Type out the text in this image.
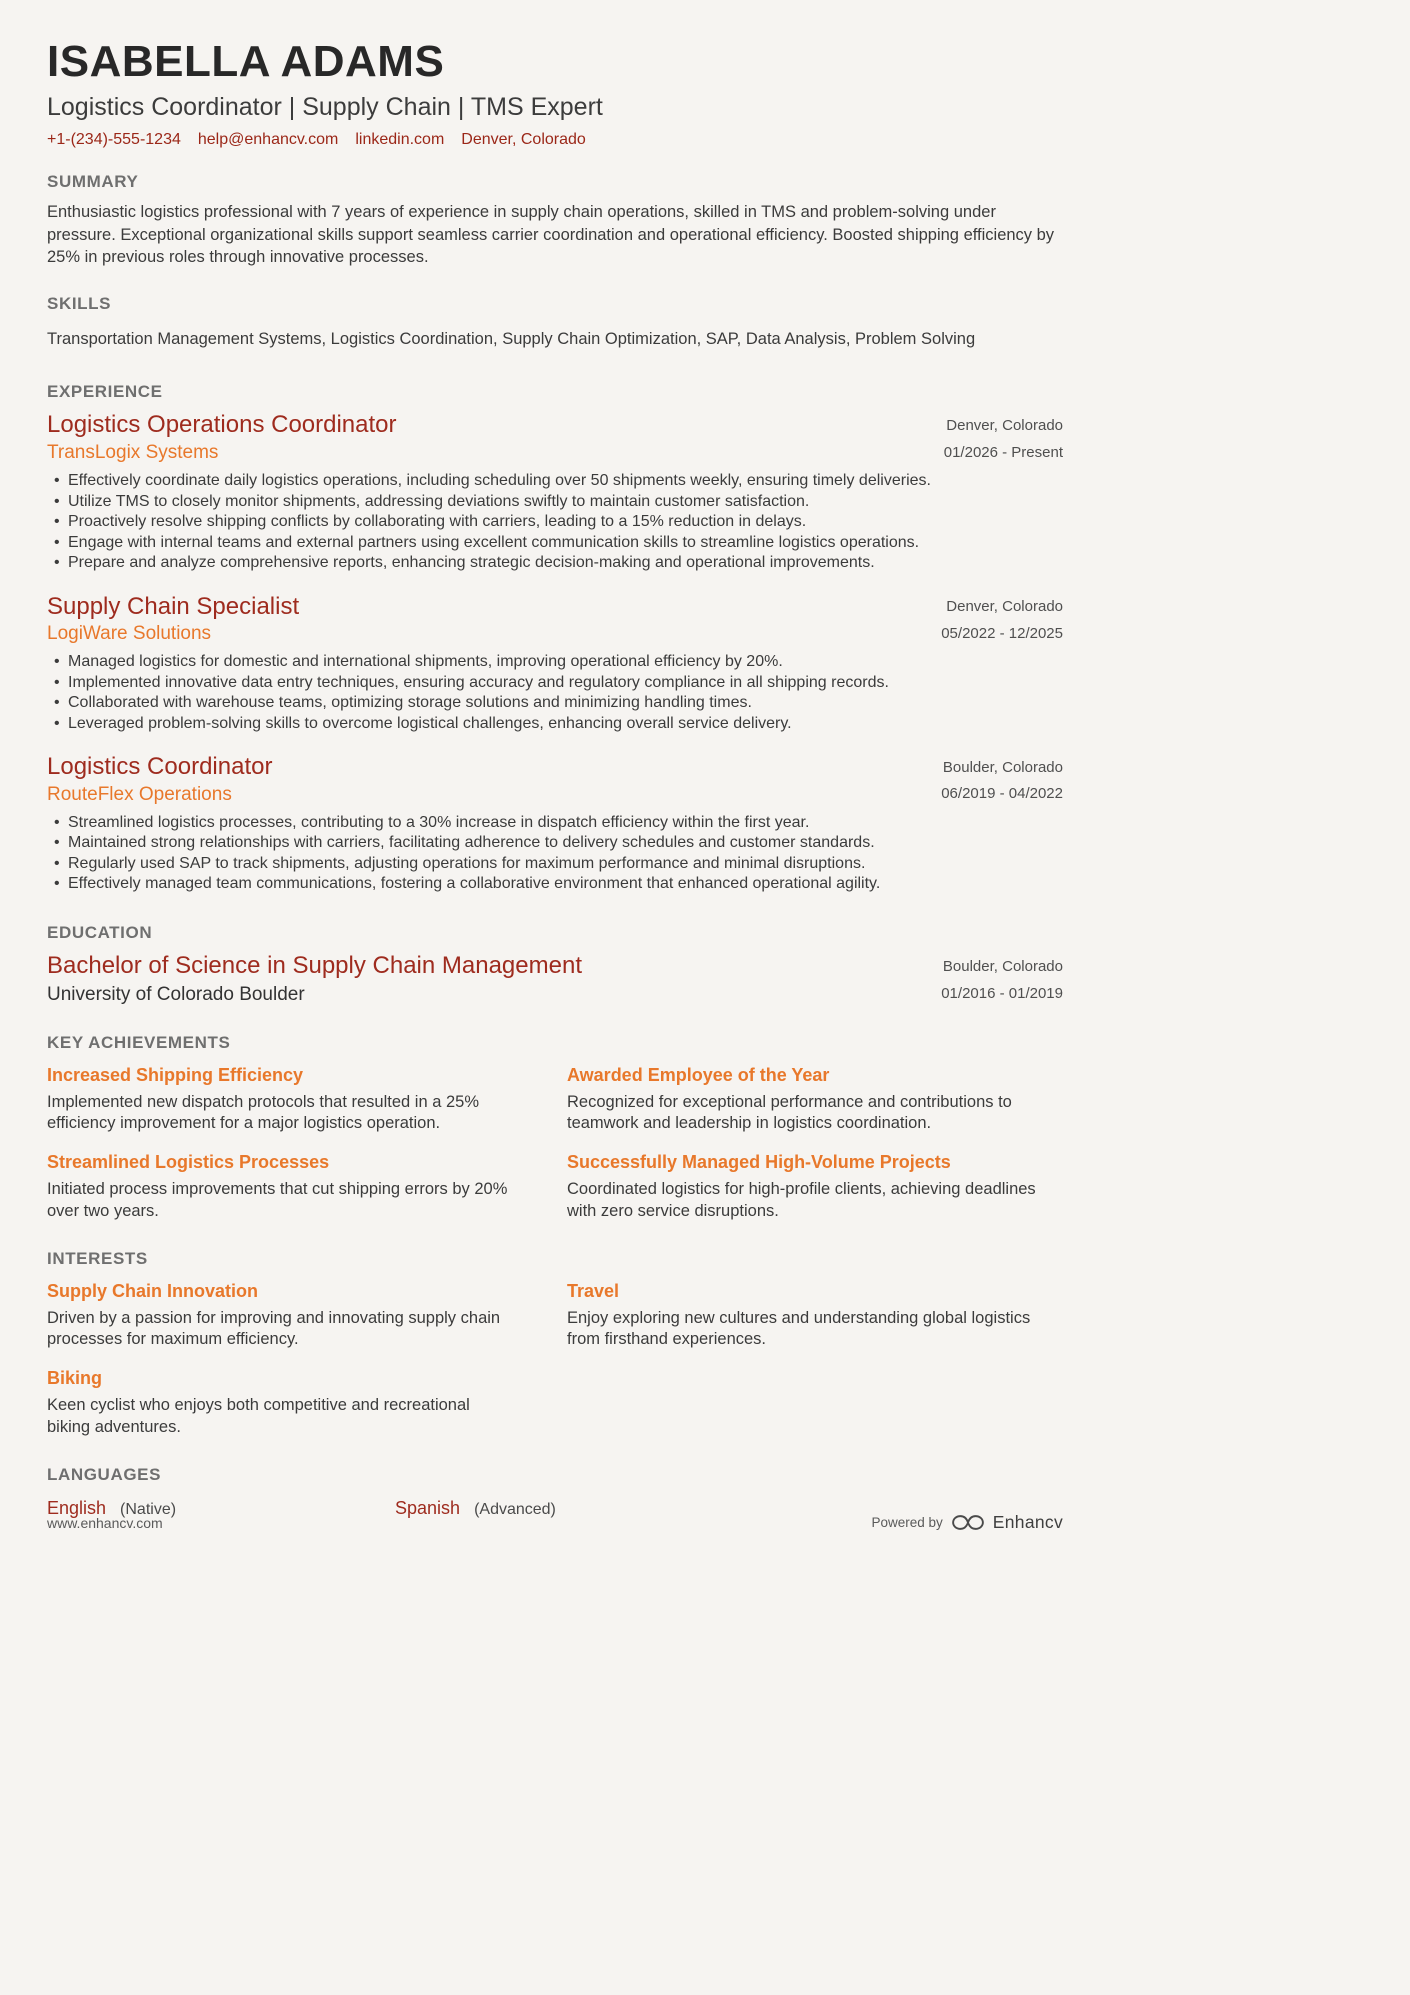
ISABELLA ADAMS
Logistics Coordinator | Supply Chain | TMS Expert
+1-(234)-555-1234 help@enhancv.com linkedin.com Denver, Colorado
SUMMARY

Enthusiastic logistics professional with 7 years of experience in supply chain operations, skilled in TMS and problem-solving under pressure. Exceptional organizational skills support seamless carrier coordination and operational efficiency. Boosted shipping efficiency by 25% in previous roles through innovative processes.

SKILLS

Transportation Management Systems, Logistics Coordination, Supply Chain Optimization, SAP, Data Analysis, Problem Solving

EXPERIENCE
Logistics Operations Coordinator	Denver, Colorado
TransLogix Systems	01/2026 - Present
• Effectively coordinate daily logistics operations, including scheduling over 50 shipments weekly, ensuring timely deliveries.
• Utilize TMS to closely monitor shipments, addressing deviations swiftly to maintain customer satisfaction.
• Proactively resolve shipping conflicts by collaborating with carriers, leading to a 15% reduction in delays.
• Engage with internal teams and external partners using excellent communication skills to streamline logistics operations.
• Prepare and analyze comprehensive reports, enhancing strategic decision-making and operational improvements.
Supply Chain Specialist	Denver, Colorado
LogiWare Solutions	05/2022 - 12/2025
• Managed logistics for domestic and international shipments, improving operational efficiency by 20%.
• Implemented innovative data entry techniques, ensuring accuracy and regulatory compliance in all shipping records.
• Collaborated with warehouse teams, optimizing storage solutions and minimizing handling times.
• Leveraged problem-solving skills to overcome logistical challenges, enhancing overall service delivery.
Logistics Coordinator	Boulder, Colorado
RouteFlex Operations	06/2019 - 04/2022
• Streamlined logistics processes, contributing to a 30% increase in dispatch efficiency within the first year.
• Maintained strong relationships with carriers, facilitating adherence to delivery schedules and customer standards.
• Regularly used SAP to track shipments, adjusting operations for maximum performance and minimal disruptions.
• Effectively managed team communications, fostering a collaborative environment that enhanced operational agility.
EDUCATION
Bachelor of Science in Supply Chain Management	Boulder, Colorado
University of Colorado Boulder	01/2016 - 01/2019
KEY ACHIEVEMENTS
Increased Shipping Efficiency

Implemented new dispatch protocols that resulted in a 25% efficiency improvement for a major logistics operation.

Awarded Employee of the Year

Recognized for exceptional performance and contributions to teamwork and leadership in logistics coordination.

Streamlined Logistics Processes

Initiated process improvements that cut shipping errors by 20% over two years.

Successfully Managed High-Volume Projects

Coordinated logistics for high-profile clients, achieving deadlines with zero service disruptions.

INTERESTS
Supply Chain Innovation

Driven by a passion for improving and innovating supply chain processes for maximum efficiency.

Travel

Enjoy exploring new cultures and understanding global logistics from firsthand experiences.

Biking

Keen cyclist who enjoys both competitive and recreational biking adventures.

LANGUAGES
English (Native)	Spanish (Advanced)
www.enhancv.com	Powered by	Enhancv
